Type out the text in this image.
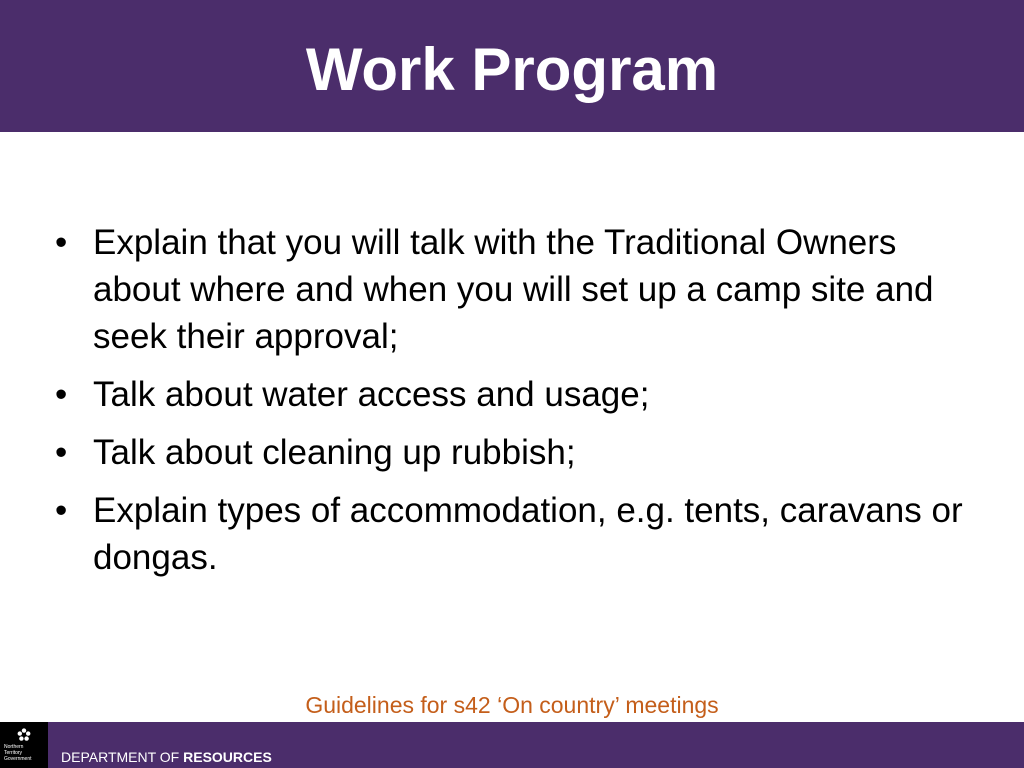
Work Program
• Explain that you will talk with the Traditional Owners about where and when you will set up a camp site and seek their approval;
• Talk about water access and usage;
• Talk about cleaning up rubbish;
• Explain types of accommodation, e.g. tents, caravans or dongas.
Guidelines for s42 ‘On country’ meetings
Northern
Territory
Government	DEPARTMENT OF RESOURCES
